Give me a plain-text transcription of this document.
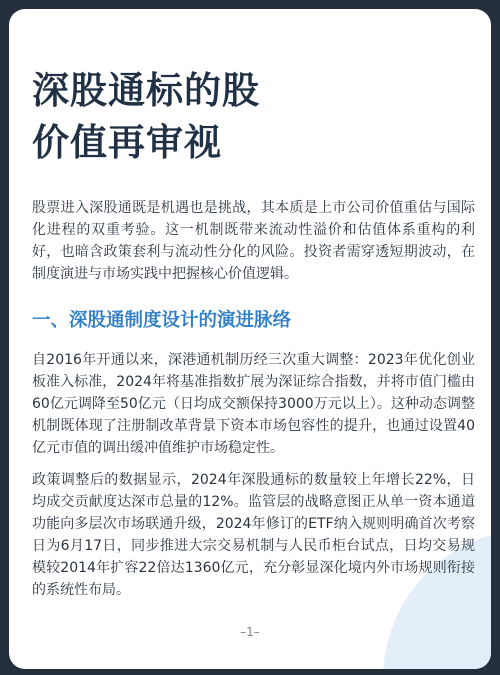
深股通标的股
价值再审视
股票进入深股通既是机遇也是挑战，其本质是上市公司价值重估与国际化进程的双重考验。这一机制既带来流动性溢价和估值体系重构的利好，也暗含政策套利与流动性分化的风险。投资者需穿透短期波动，在制度演进与市场实践中把握核心价值逻辑。
一、深股通制度设计的演进脉络
自2016年开通以来，深港通机制历经三次重大调整：2023年优化创业板准入标准，2024年将基准指数扩展为深证综合指数，并将市值门槛由60亿元调降至50亿元（日均成交额保持3000万元以上）。这种动态调整机制既体现了注册制改革背景下资本市场包容性的提升，也通过设置40亿元市值的调出缓冲值维护市场稳定性。
政策调整后的数据显示，2024年深股通标的数量较上年增长22%，日均成交贡献度达深市总量的12%。监管层的战略意图正从单一资本通道功能向多层次市场联通升级，2024年修订的ETF纳入规则明确首次考察日为6月17日，同步推进大宗交易机制与人民币柜台试点，日均交易规模较2014年扩容22倍达1360亿元，充分彰显深化境内外市场规则衔接的系统性布局。
–1–
